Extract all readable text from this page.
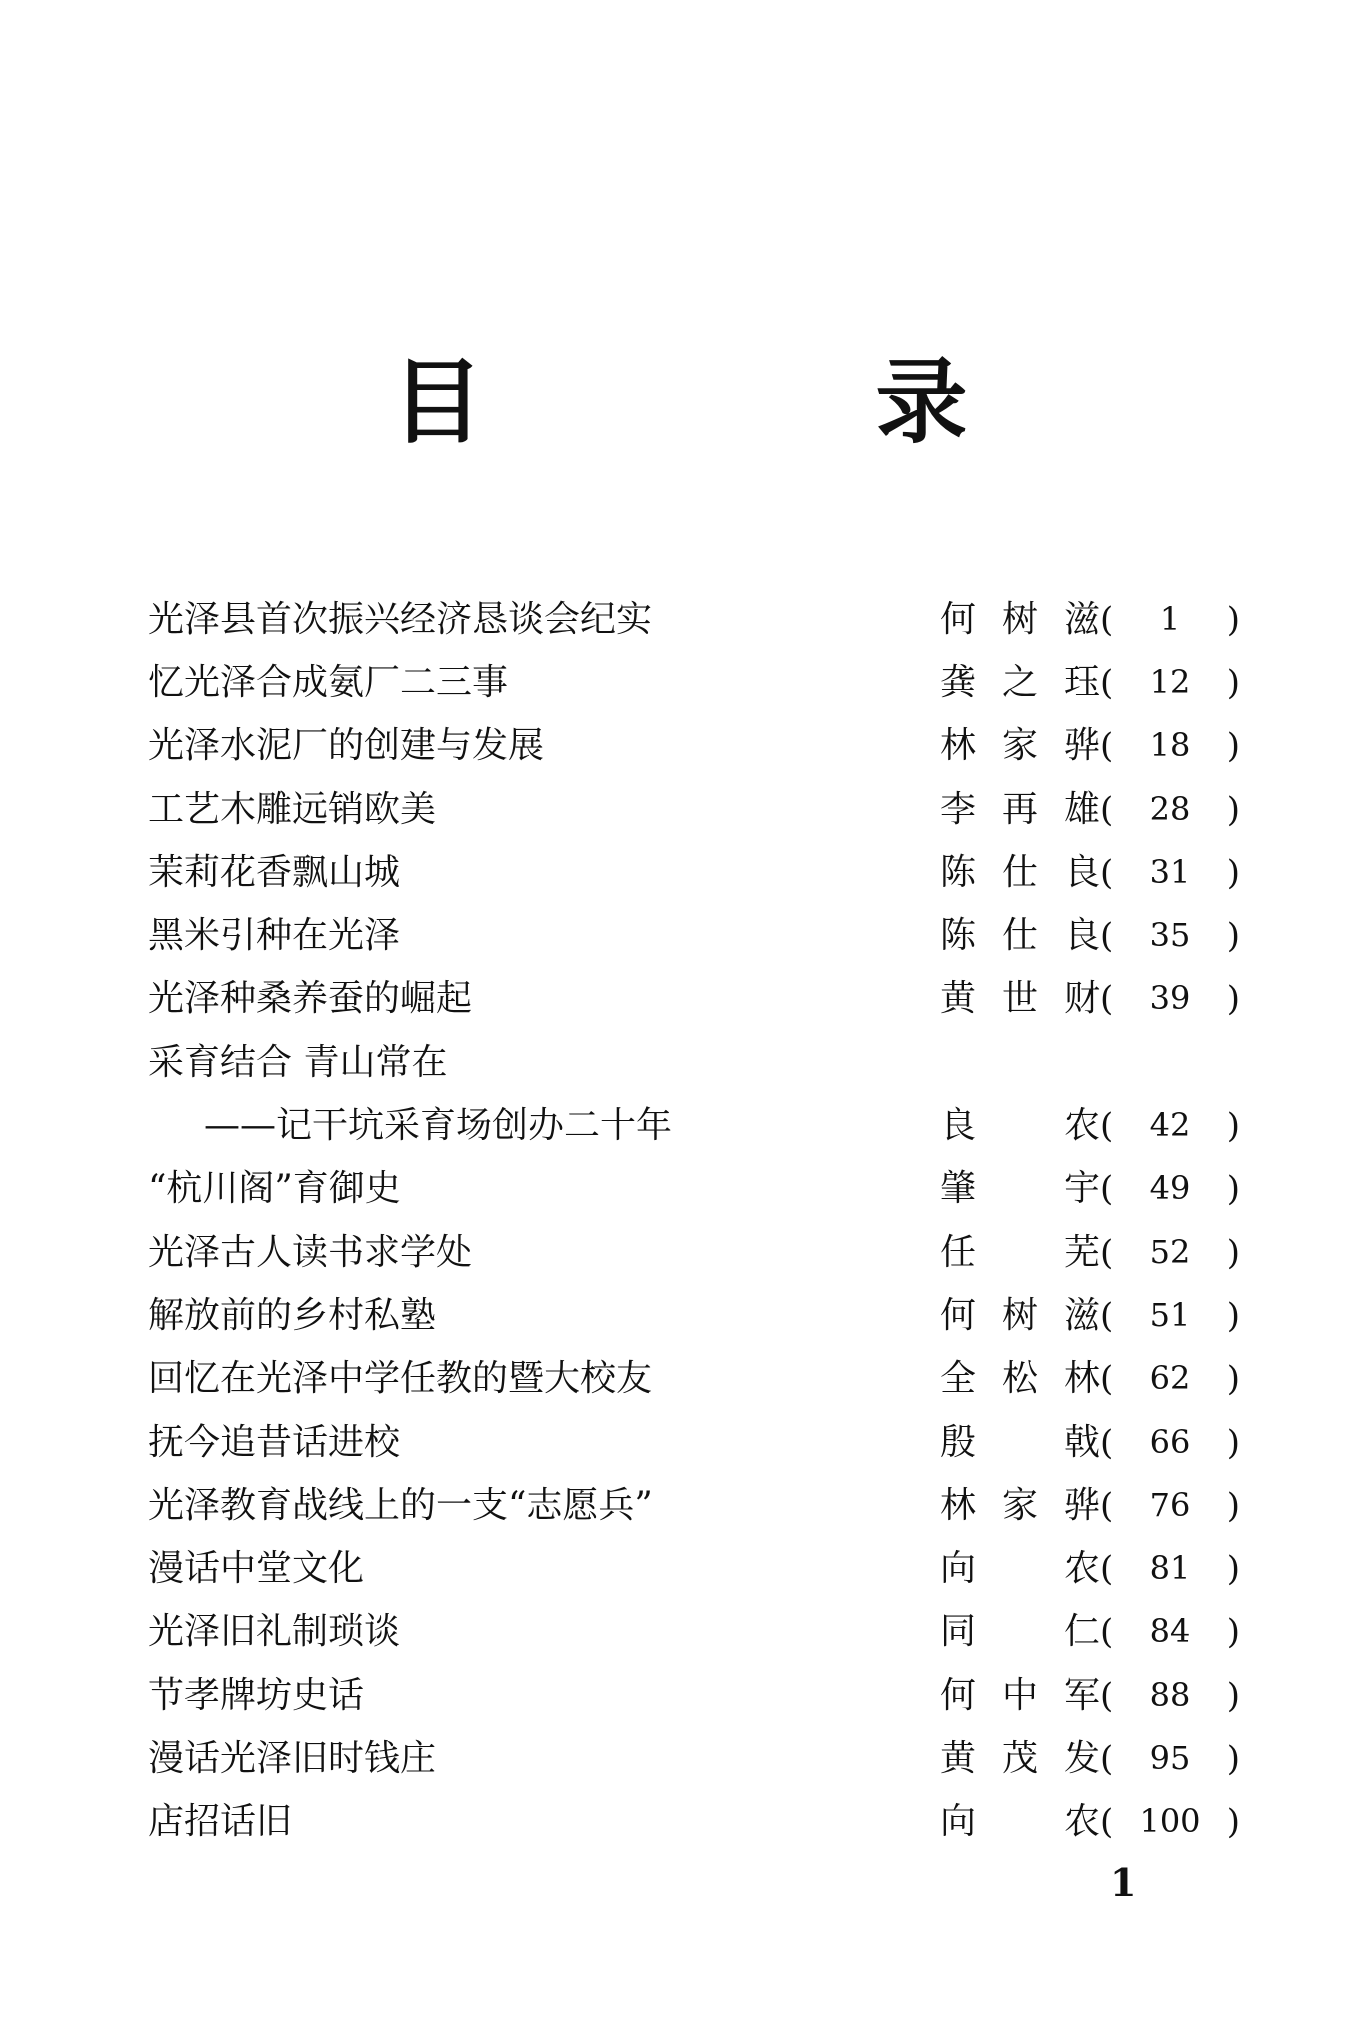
目 录
光泽县首次振兴经济恳谈会纪实	何树滋 (	1	)
忆光泽合成氨厂二三事	龚之珏 (	12	)
光泽水泥厂的创建与发展	林家骅 (	18	)
工艺木雕远销欧美	李再雄 (	28	)
茉莉花香飘山城	陈仕良 (	31	)
黑米引种在光泽	陈仕良 (	35	)
光泽种桑养蚕的崛起	黄世财 (	39	)
采育结合 青山常在
——记干坑采育场创办二十年	良 农 (	42	)
“杭川阁”育御史	肇 宇 (	49	)
光泽古人读书求学处	任 芜 (	52	)
解放前的乡村私塾	何树滋 (	51	)
回忆在光泽中学任教的暨大校友	全松林 (	62	)
抚今追昔话进校	殷 戟 (	66	)
光泽教育战线上的一支“志愿兵”	林家骅 (	76	)
漫话中堂文化	向 农 (	81	)
光泽旧礼制琐谈	同 仁 (	84	)
节孝牌坊史话	何中军 (	88	)
漫话光泽旧时钱庄	黄茂发 (	95	)
店招话旧	向 农 ( 100 )
1
